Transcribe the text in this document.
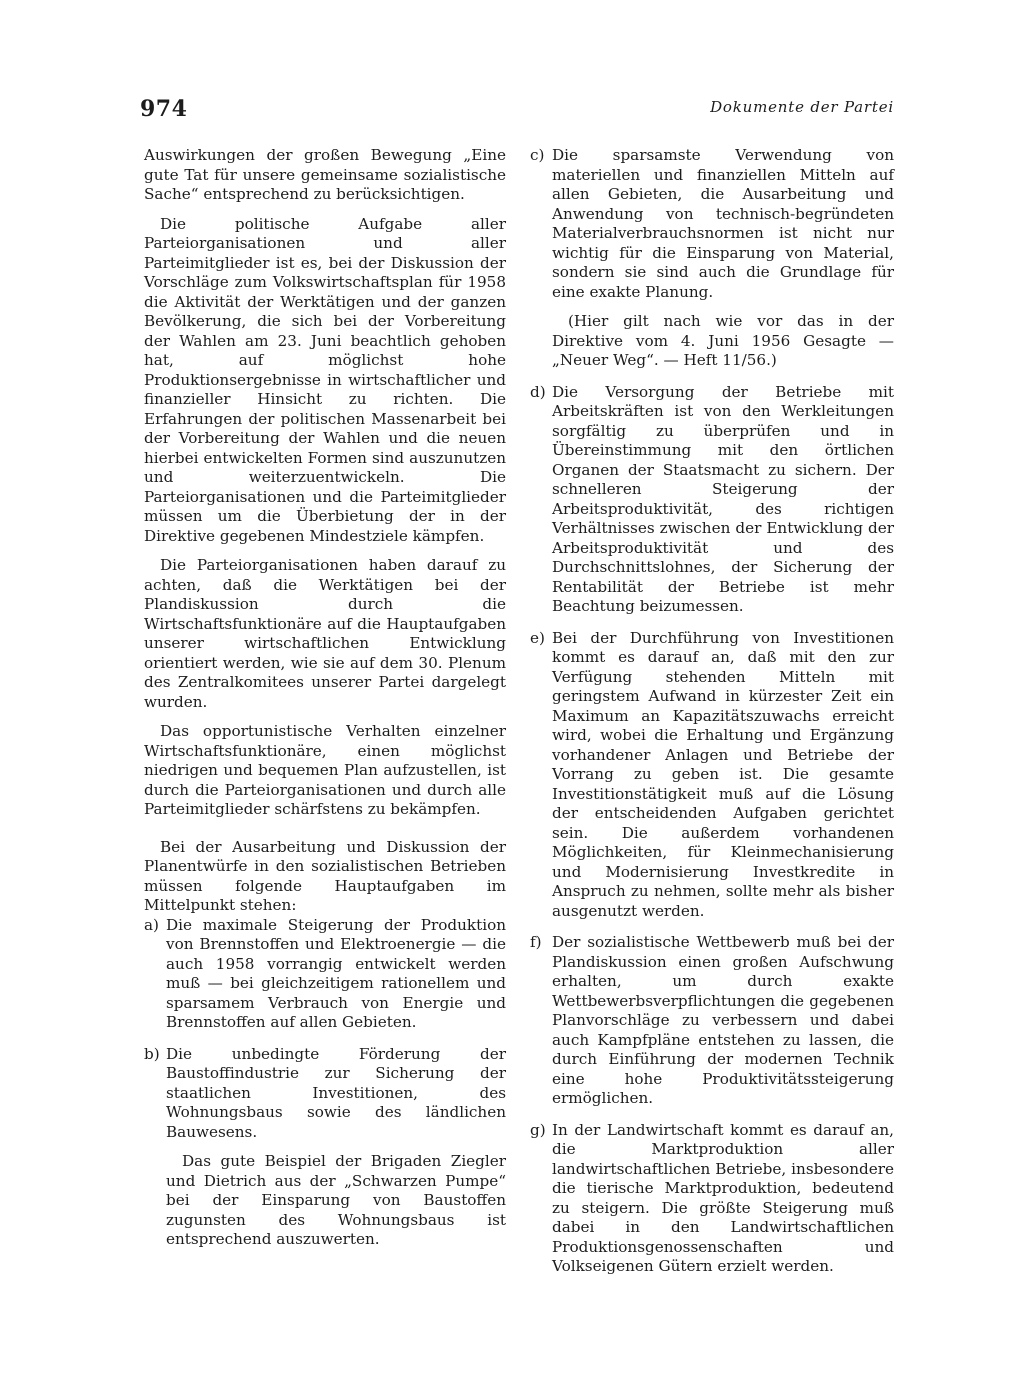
974	Dokumente der Partei

Auswirkungen der großen Bewegung „Eine gute Tat für unsere gemeinsame sozialistische Sache“ entsprechend zu berücksichtigen.

Die politische Aufgabe aller Parteiorganisationen und aller Parteimitglieder ist es, bei der Diskussion der Vorschläge zum Volkswirtschaftsplan für 1958 die Aktivität der Werktätigen und der ganzen Bevölkerung, die sich bei der Vorbereitung der Wahlen am 23. Juni beachtlich gehoben hat, auf möglichst hohe Produktionsergebnisse in wirtschaftlicher und finanzieller Hinsicht zu richten. Die Erfahrungen der politischen Massenarbeit bei der Vorbereitung der Wahlen und die neuen hierbei entwickelten Formen sind auszunutzen und weiterzuentwickeln. Die Parteiorganisationen und die Parteimitglieder müssen um die Überbietung der in der Direktive gegebenen Mindestziele kämpfen.

Die Parteiorganisationen haben darauf zu achten, daß die Werktätigen bei der Plandiskussion durch die Wirtschaftsfunktionäre auf die Hauptaufgaben unserer wirtschaftlichen Entwicklung orientiert werden, wie sie auf dem 30. Plenum des Zentralkomitees unserer Partei dargelegt wurden.

Das opportunistische Verhalten einzelner Wirtschaftsfunktionäre, einen möglichst niedrigen und bequemen Plan aufzustellen, ist durch die Parteiorganisationen und durch alle Parteimitglieder schärfstens zu bekämpfen.

Bei der Ausarbeitung und Diskussion der Planentwürfe in den sozialistischen Betrieben müssen folgende Hauptaufgaben im Mittelpunkt stehen:

a) Die maximale Steigerung der Produktion von Brennstoffen und Elektroenergie — die auch 1958 vorrangig entwickelt werden muß — bei gleichzeitigem rationellem und sparsamem Verbrauch von Energie und Brennstoffen auf allen Gebieten.

b) Die unbedingte Förderung der Baustoffindustrie zur Sicherung der staatlichen Investitionen, des Wohnungsbaus sowie des ländlichen Bauwesens.

Das gute Beispiel der Brigaden Ziegler und Dietrich aus der „Schwarzen Pumpe“ bei der Einsparung von Baustoffen zugunsten des Wohnungsbaus ist entsprechend auszuwerten.

c) Die sparsamste Verwendung von materiellen und finanziellen Mitteln auf allen Gebieten, die Ausarbeitung und Anwendung von technisch-begründeten Materialverbrauchsnormen ist nicht nur wichtig für die Einsparung von Material, sondern sie sind auch die Grundlage für eine exakte Planung.

(Hier gilt nach wie vor das in der Direktive vom 4. Juni 1956 Gesagte — „Neuer Weg“. — Heft 11/56.)

d) Die Versorgung der Betriebe mit Arbeitskräften ist von den Werkleitungen sorgfältig zu überprüfen und in Übereinstimmung mit den örtlichen Organen der Staatsmacht zu sichern. Der schnelleren Steigerung der Arbeitsproduktivität, des richtigen Verhältnisses zwischen der Entwicklung der Arbeitsproduktivität und des Durchschnittslohnes, der Sicherung der Rentabilität der Betriebe ist mehr Beachtung beizumessen.

e) Bei der Durchführung von Investitionen kommt es darauf an, daß mit den zur Verfügung stehenden Mitteln mit geringstem Aufwand in kürzester Zeit ein Maximum an Kapazitätszuwachs erreicht wird, wobei die Erhaltung und Ergänzung vorhandener Anlagen und Betriebe der Vorrang zu geben ist. Die gesamte Investitionstätigkeit muß auf die Lösung der entscheidenden Aufgaben gerichtet sein. Die außerdem vorhandenen Möglichkeiten, für Kleinmechanisierung und Modernisierung Investkredite in Anspruch zu nehmen, sollte mehr als bisher ausgenutzt werden.

f) Der sozialistische Wettbewerb muß bei der Plandiskussion einen großen Aufschwung erhalten, um durch exakte Wettbewerbsverpflichtungen die gegebenen Planvorschläge zu verbessern und dabei auch Kampfpläne entstehen zu lassen, die durch Einführung der modernen Technik eine hohe Produktivitätssteigerung ermöglichen.

g) In der Landwirtschaft kommt es darauf an, die Marktproduktion aller landwirtschaftlichen Betriebe, insbesondere die tierische Marktproduktion, bedeutend zu steigern. Die größte Steigerung muß dabei in den Landwirtschaftlichen Produktionsgenossenschaften und Volkseigenen Gütern erzielt werden.
